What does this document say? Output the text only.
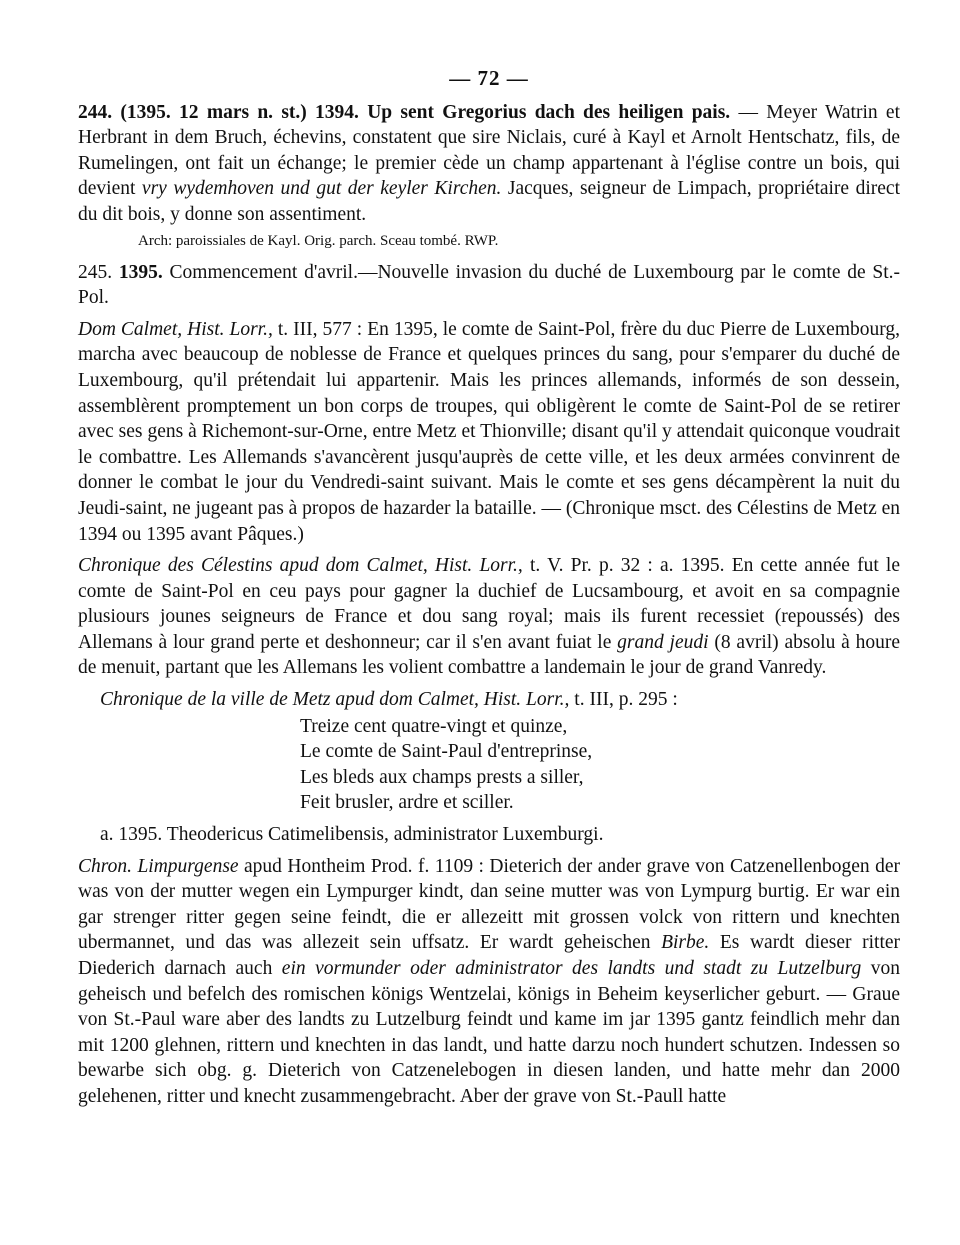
— 72 —

244. (1395. 12 mars n. st.) 1394. Up sent Gregorius dach des heiligen pais. — Meyer Watrin et Herbrant in dem Bruch, échevins, constatent que sire Niclais, curé à Kayl et Arnolt Hentschatz, fils, de Rumelingen, ont fait un échange; le premier cède un champ appartenant à l'église contre un bois, qui devient vry wydemhoven und gut der keyler Kirchen. Jacques, seigneur de Limpach, propriétaire direct du dit bois, y donne son assentiment.

Arch: paroissiales de Kayl. Orig. parch. Sceau tombé. RWP.

245. 1395. Commencement d'avril.—Nouvelle invasion du duché de Luxembourg par le comte de St.-Pol.

Dom Calmet, Hist. Lorr., t. III, 577 : En 1395, le comte de Saint-Pol, frère du duc Pierre de Luxembourg, marcha avec beaucoup de noblesse de France et quelques princes du sang, pour s'emparer du duché de Luxembourg, qu'il prétendait lui appartenir. Mais les princes allemands, informés de son dessein, assemblèrent promptement un bon corps de troupes, qui obligèrent le comte de Saint-Pol de se retirer avec ses gens à Richemont-sur-Orne, entre Metz et Thionville; disant qu'il y attendait quiconque voudrait le combattre. Les Allemands s'avancèrent jusqu'auprès de cette ville, et les deux armées convinrent de donner le combat le jour du Vendredi-saint suivant. Mais le comte et ses gens décampèrent la nuit du Jeudi-saint, ne jugeant pas à propos de hazarder la bataille. — (Chronique msct. des Célestins de Metz en 1394 ou 1395 avant Pâques.)

Chronique des Célestins apud dom Calmet, Hist. Lorr., t. V. Pr. p. 32 : a. 1395. En cette année fut le comte de Saint-Pol en ceu pays pour gagner la duchief de Lucsambourg, et avoit en sa compagnie plusiours jounes seigneurs de France et dou sang royal; mais ils furent recessiet (repoussés) des Allemans à lour grand perte et deshonneur; car il s'en avant fuiat le grand jeudi (8 avril) absolu à houre de menuit, partant que les Allemans les volient combattre a landemain le jour de grand Vanredy.

Chronique de la ville de Metz apud dom Calmet, Hist. Lorr., t. III, p. 295 :

Treize cent quatre-vingt et quinze,
Le comte de Saint-Paul d'entreprinse,
Les bleds aux champs prests a siller,
Feit brusler, ardre et sciller.

a. 1395. Theodericus Catimelibensis, administrator Luxemburgi.

Chron. Limpurgense apud Hontheim Prod. f. 1109 : Dieterich der ander grave von Catzenellenbogen der was von der mutter wegen ein Lympurger kindt, dan seine mutter was von Lympurg burtig. Er war ein gar strenger ritter gegen seine feindt, die er allezeitt mit grossen volck von rittern und knechten ubermannet, und das was allezeit sein uffsatz. Er wardt geheischen Birbe. Es wardt dieser ritter Diederich darnach auch ein vormunder oder administrator des landts und stadt zu Lutzelburg von geheisch und befelch des romischen königs Wentzelai, königs in Beheim keyserlicher geburt. — Graue von St.-Paul ware aber des landts zu Lutzelburg feindt und kame im jar 1395 gantz feindlich mehr dan mit 1200 glehnen, rittern und knechten in das landt, und hatte darzu noch hundert schutzen. Indessen so bewarbe sich obg. g. Dieterich von Catzenelebogen in diesen landen, und hatte mehr dan 2000 gelehenen, ritter und knecht zusammengebracht. Aber der grave von St.-Paull hatte
